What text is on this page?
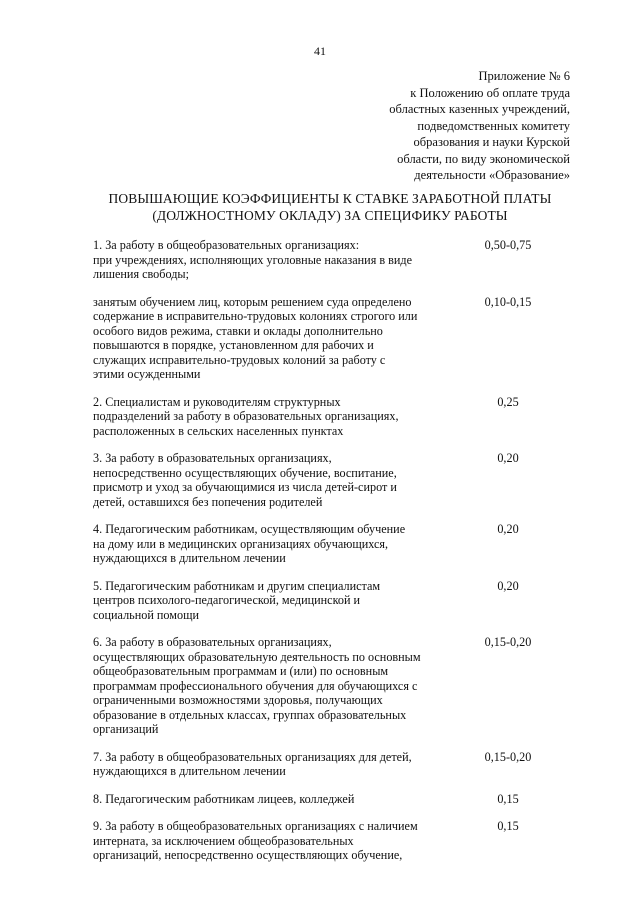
41
Приложение № 6
к Положению об оплате труда
областных казенных учреждений,
подведомственных комитету
образования и науки Курской
области, по виду экономической
деятельности «Образование»
ПОВЫШАЮЩИЕ КОЭФФИЦИЕНТЫ К СТАВКЕ ЗАРАБОТНОЙ ПЛАТЫ
(ДОЛЖНОСТНОМУ ОКЛАДУ) ЗА СПЕЦИФИКУ РАБОТЫ
1. За работу в общеобразовательных организациях:
при учреждениях, исполняющих уголовные наказания в виде
лишения свободы;
0,50-0,75
занятым обучением лиц, которым решением суда определено
содержание в исправительно-трудовых колониях строгого или
особого видов режима, ставки и оклады дополнительно
повышаются в порядке, установленном для рабочих и
служащих исправительно-трудовых колоний за работу с
этими осужденными
0,10-0,15
2. Специалистам и руководителям структурных
подразделений за работу в образовательных организациях,
расположенных в сельских населенных пунктах
0,25
3. За работу в образовательных организациях,
непосредственно осуществляющих обучение, воспитание,
присмотр и уход за обучающимися из числа детей-сирот и
детей, оставшихся без попечения родителей
0,20
4. Педагогическим работникам, осуществляющим обучение
на дому или в медицинских организациях обучающихся,
нуждающихся в длительном лечении
0,20
5. Педагогическим работникам и другим специалистам
центров психолого-педагогической, медицинской и
социальной помощи
0,20
6. За работу в образовательных организациях,
осуществляющих образовательную деятельность по основным
общеобразовательным программам и (или) по основным
программам профессионального обучения для обучающихся с
ограниченными возможностями здоровья, получающих
образование в отдельных классах, группах образовательных
организаций
0,15-0,20
7. За работу в общеобразовательных организациях для детей,
нуждающихся в длительном лечении
0,15-0,20
8. Педагогическим работникам лицеев, колледжей	0,15
9. За работу в общеобразовательных организациях с наличием
интерната, за исключением общеобразовательных
организаций, непосредственно осуществляющих обучение,
0,15
